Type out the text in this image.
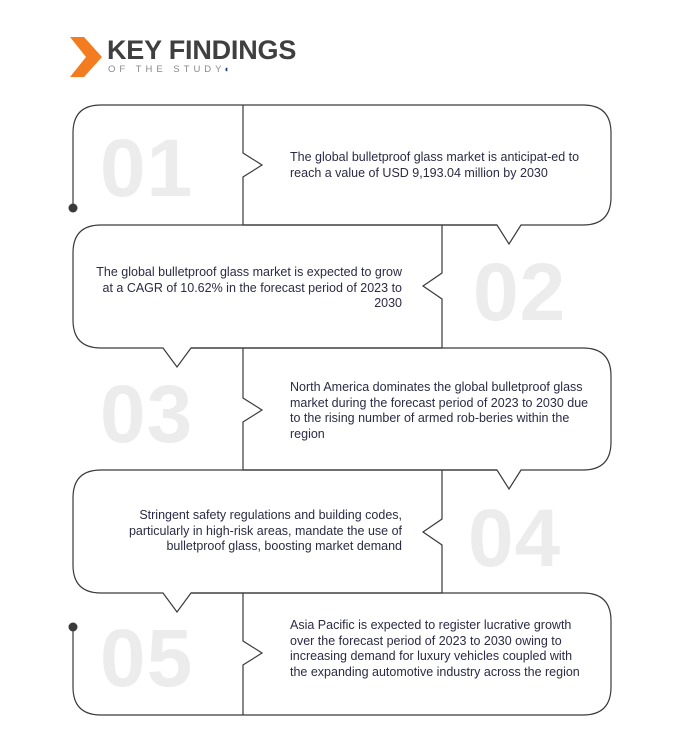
KEY FINDINGS
OF THE STUDY◖
01
02
03
04
05
The global bulletproof glass market is anticipat-ed to reach a value of USD 9,193.04 million by 2030
The global bulletproof glass market is expected to grow at a CAGR of 10.62% in the forecast period of 2023 to 2030
North America dominates the global bulletproof glass market during the forecast period of 2023 to 2030 due to the rising number of armed rob-beries within the region
Stringent safety regulations and building codes, particularly in high-risk areas, mandate the use of bulletproof glass, boosting market demand
Asia Pacific is expected to register lucrative growth over the forecast period of 2023 to 2030 owing to increasing demand for luxury vehicles coupled with the expanding automotive industry across the region
